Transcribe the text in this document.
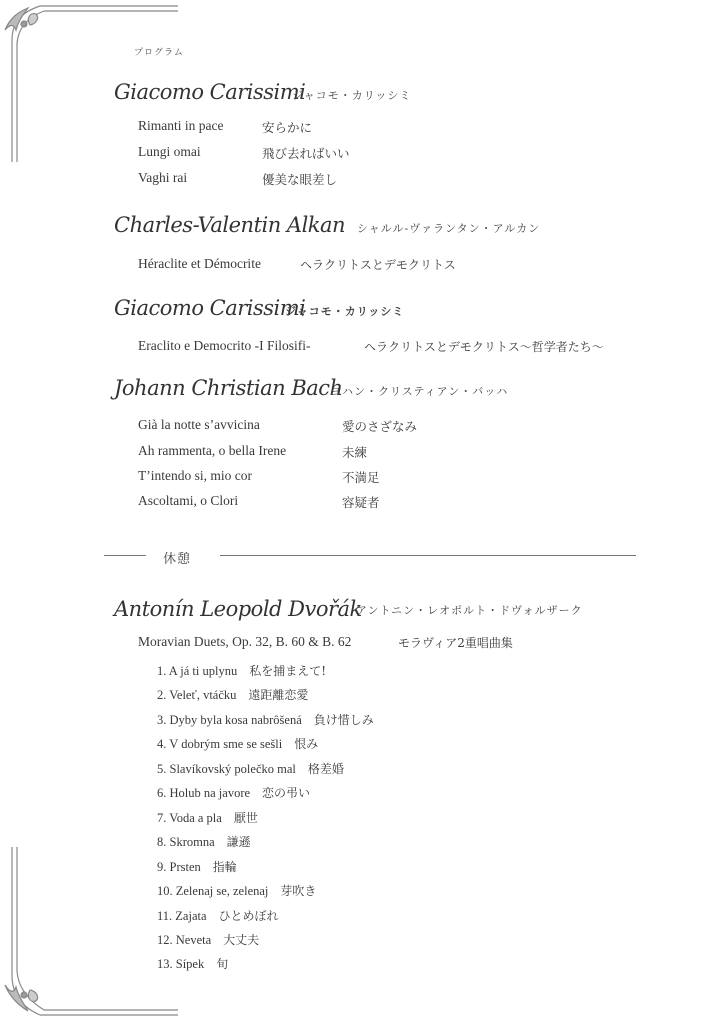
プログラム
Giacomo Carissimi
ジャコモ・カリッシミ
Rimanti in pace	安らかに
Lungi omai	飛び去ればいい
Vaghi rai	優美な眼差し
Charles-Valentin Alkan シャルル-ヴァランタン・アルカン
Héraclite et Démocrite	ヘラクリトスとデモクリトス
Giacomo Carissimi
ジャコモ・カリッシミ
Eraclito e Democrito -I Filosifi-	ヘラクリトスとデモクリトス～哲学者たち～
Johann Christian Bach
ヨハン・クリスティアン・バッハ
Già la notte s’avvicina	愛のさざなみ
Ah rammenta, o bella Irene	未練
T’intendo si, mio cor	不満足
Ascoltami, o Clori	容疑者
休憩
Antonín Leopold Dvořák
アントニン・レオポルト・ドヴォルザーク
Moravian Duets, Op. 32, B. 60 & B. 62	モラヴィア2重唱曲集
1. A já ti uplynu 私を捕まえて!
2. Veleť, vtáčku 遠距離恋愛
3. Dyby byla kosa nabrôšená 負け惜しみ
4. V dobrým sme se sešli 恨み
5. Slavíkovský polečko mal 格差婚
6. Holub na javore 恋の弔い
7. Voda a pla 厭世
8. Skromna 謙遜
9. Prsten 指輪
10. Zelenaj se, zelenaj 芽吹き
11. Zajata ひとめぼれ
12. Neveta 大丈夫
13. Sípek 旬
